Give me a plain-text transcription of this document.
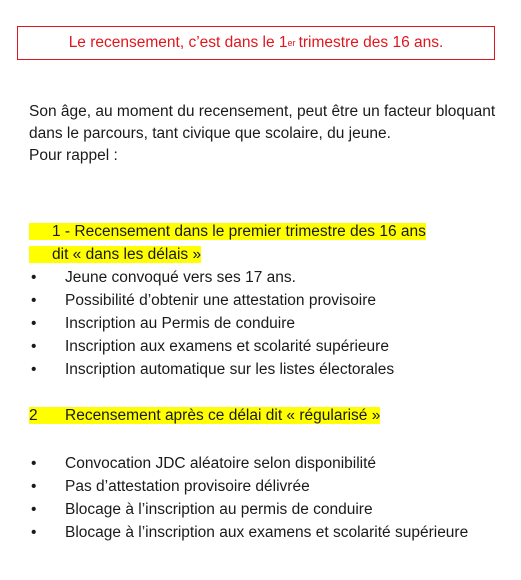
Le recensement, c’est dans le 1 er trimestre des 16 ans.

Son âge, au moment du recensement, peut être un facteur bloquant dans le parcours, tant civique que scolaire, du jeune.

Pour rappel :

1 - Recensement dans le premier trimestre des 16 ans
dit « dans les délais »

• Jeune convoqué vers ses 17 ans.
• Possibilité d’obtenir une attestation provisoire
• Inscription au Permis de conduire
• Inscription aux examens et scolarité supérieure
• Inscription automatique sur les listes électorales
2 Recensement après ce délai dit « régularisé »
• Convocation JDC aléatoire selon disponibilité
• Pas d’attestation provisoire délivrée
• Blocage à l’inscription au permis de conduire
• Blocage à l’inscription aux examens et scolarité supérieure
